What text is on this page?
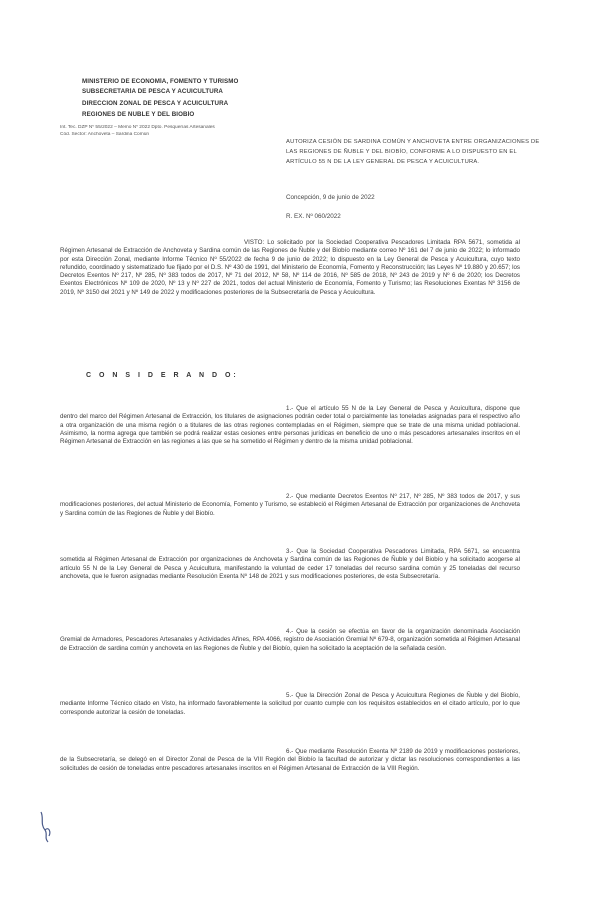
MINISTERIO DE ECONOMÍA, FOMENTO Y TURISMO
SUBSECRETARÍA DE PESCA Y ACUICULTURA
DIRECCIÓN ZONAL DE PESCA Y ACUICULTURA
REGIONES DE ÑUBLE Y DEL BIOBÍO
Int. Tec. DZP Nº 55/2022 – Memo Nº 2022 Dpto. Pesquerías Artesanales
Cód. Sector: Anchoveta – Sardina Común
AUTORIZA CESIÓN DE SARDINA COMÚN Y ANCHOVETA ENTRE ORGANIZACIONES DE LAS REGIONES DE ÑUBLE Y DEL BIOBÍO, CONFORME A LO DISPUESTO EN EL ARTÍCULO 55 N DE LA LEY GENERAL DE PESCA Y ACUICULTURA.
Concepción, 9 de junio de 2022
R. EX. Nº 060/2022
VISTO: Lo solicitado por la Sociedad Cooperativa Pescadores Limitada RPA 5671, sometida al Régimen Artesanal de Extracción de Anchoveta y Sardina común de las Regiones de Ñuble y del Biobío mediante correo Nº 161 del 7 de junio de 2022; lo informado por esta Dirección Zonal, mediante Informe Técnico Nº 55/2022 de fecha 9 de junio de 2022; lo dispuesto en la Ley General de Pesca y Acuicultura, cuyo texto refundido, coordinado y sistematizado fue fijado por el D.S. Nº 430 de 1991, del Ministerio de Economía, Fomento y Reconstrucción; las Leyes Nº 19.880 y 20.657; los Decretos Exentos Nº 217, Nº 285, Nº 383 todos de 2017, Nº 71 del 2012, Nº 58, Nº 114 de 2016, Nº 585 de 2018, Nº 243 de 2019 y Nº 6 de 2020; los Decretos Exentos Electrónicos Nº 109 de 2020, Nº 13 y Nº 227 de 2021, todos del actual Ministerio de Economía, Fomento y Turismo; las Resoluciones Exentas Nº 3156 de 2019, Nº 3150 del 2021 y Nº 149 de 2022 y modificaciones posteriores de la Subsecretaría de Pesca y Acuicultura.
C O N S I D E R A N D O:
1.- Que el artículo 55 N de la Ley General de Pesca y Acuicultura, dispone que dentro del marco del Régimen Artesanal de Extracción, los titulares de asignaciones podrán ceder total o parcialmente las toneladas asignadas para el respectivo año a otra organización de una misma región o a titulares de las otras regiones contempladas en el Régimen, siempre que se trate de una misma unidad poblacional. Asimismo, la norma agrega que también se podrá realizar estas cesiones entre personas jurídicas en beneficio de uno o más pescadores artesanales inscritos en el Régimen Artesanal de Extracción en las regiones a las que se ha sometido el Régimen y dentro de la misma unidad poblacional.
2.- Que mediante Decretos Exentos Nº 217, Nº 285, Nº 383 todos de 2017, y sus modificaciones posteriores, del actual Ministerio de Economía, Fomento y Turismo, se estableció el Régimen Artesanal de Extracción por organizaciones de Anchoveta y Sardina común de las Regiones de Ñuble y del Biobío.
3.- Que la Sociedad Cooperativa Pescadores Limitada, RPA 5671, se encuentra sometida al Régimen Artesanal de Extracción por organizaciones de Anchoveta y Sardina común de las Regiones de Ñuble y del Biobío y ha solicitado acogerse al artículo 55 N de la Ley General de Pesca y Acuicultura, manifestando la voluntad de ceder 17 toneladas del recurso sardina común y 25 toneladas del recurso anchoveta, que le fueron asignadas mediante Resolución Exenta Nº 148 de 2021 y sus modificaciones posteriores, de esta Subsecretaría.
4.- Que la cesión se efectúa en favor de la organización denominada Asociación Gremial de Armadores, Pescadores Artesanales y Actividades Afines, RPA 4066, registro de Asociación Gremial Nº 679-8, organización sometida al Régimen Artesanal de Extracción de sardina común y anchoveta en las Regiones de Ñuble y del Biobío, quien ha solicitado la aceptación de la señalada cesión.
5.- Que la Dirección Zonal de Pesca y Acuicultura Regiones de Ñuble y del Biobío, mediante Informe Técnico citado en Visto, ha informado favorablemente la solicitud por cuanto cumple con los requisitos establecidos en el citado artículo, por lo que corresponde autorizar la cesión de toneladas.
6.- Que mediante Resolución Exenta Nº 2189 de 2019 y modificaciones posteriores, de la Subsecretaría, se delegó en el Director Zonal de Pesca de la VIII Región del Biobío la facultad de autorizar y dictar las resoluciones correspondientes a las solicitudes de cesión de toneladas entre pescadores artesanales inscritos en el Régimen Artesanal de Extracción de la VIII Región.
